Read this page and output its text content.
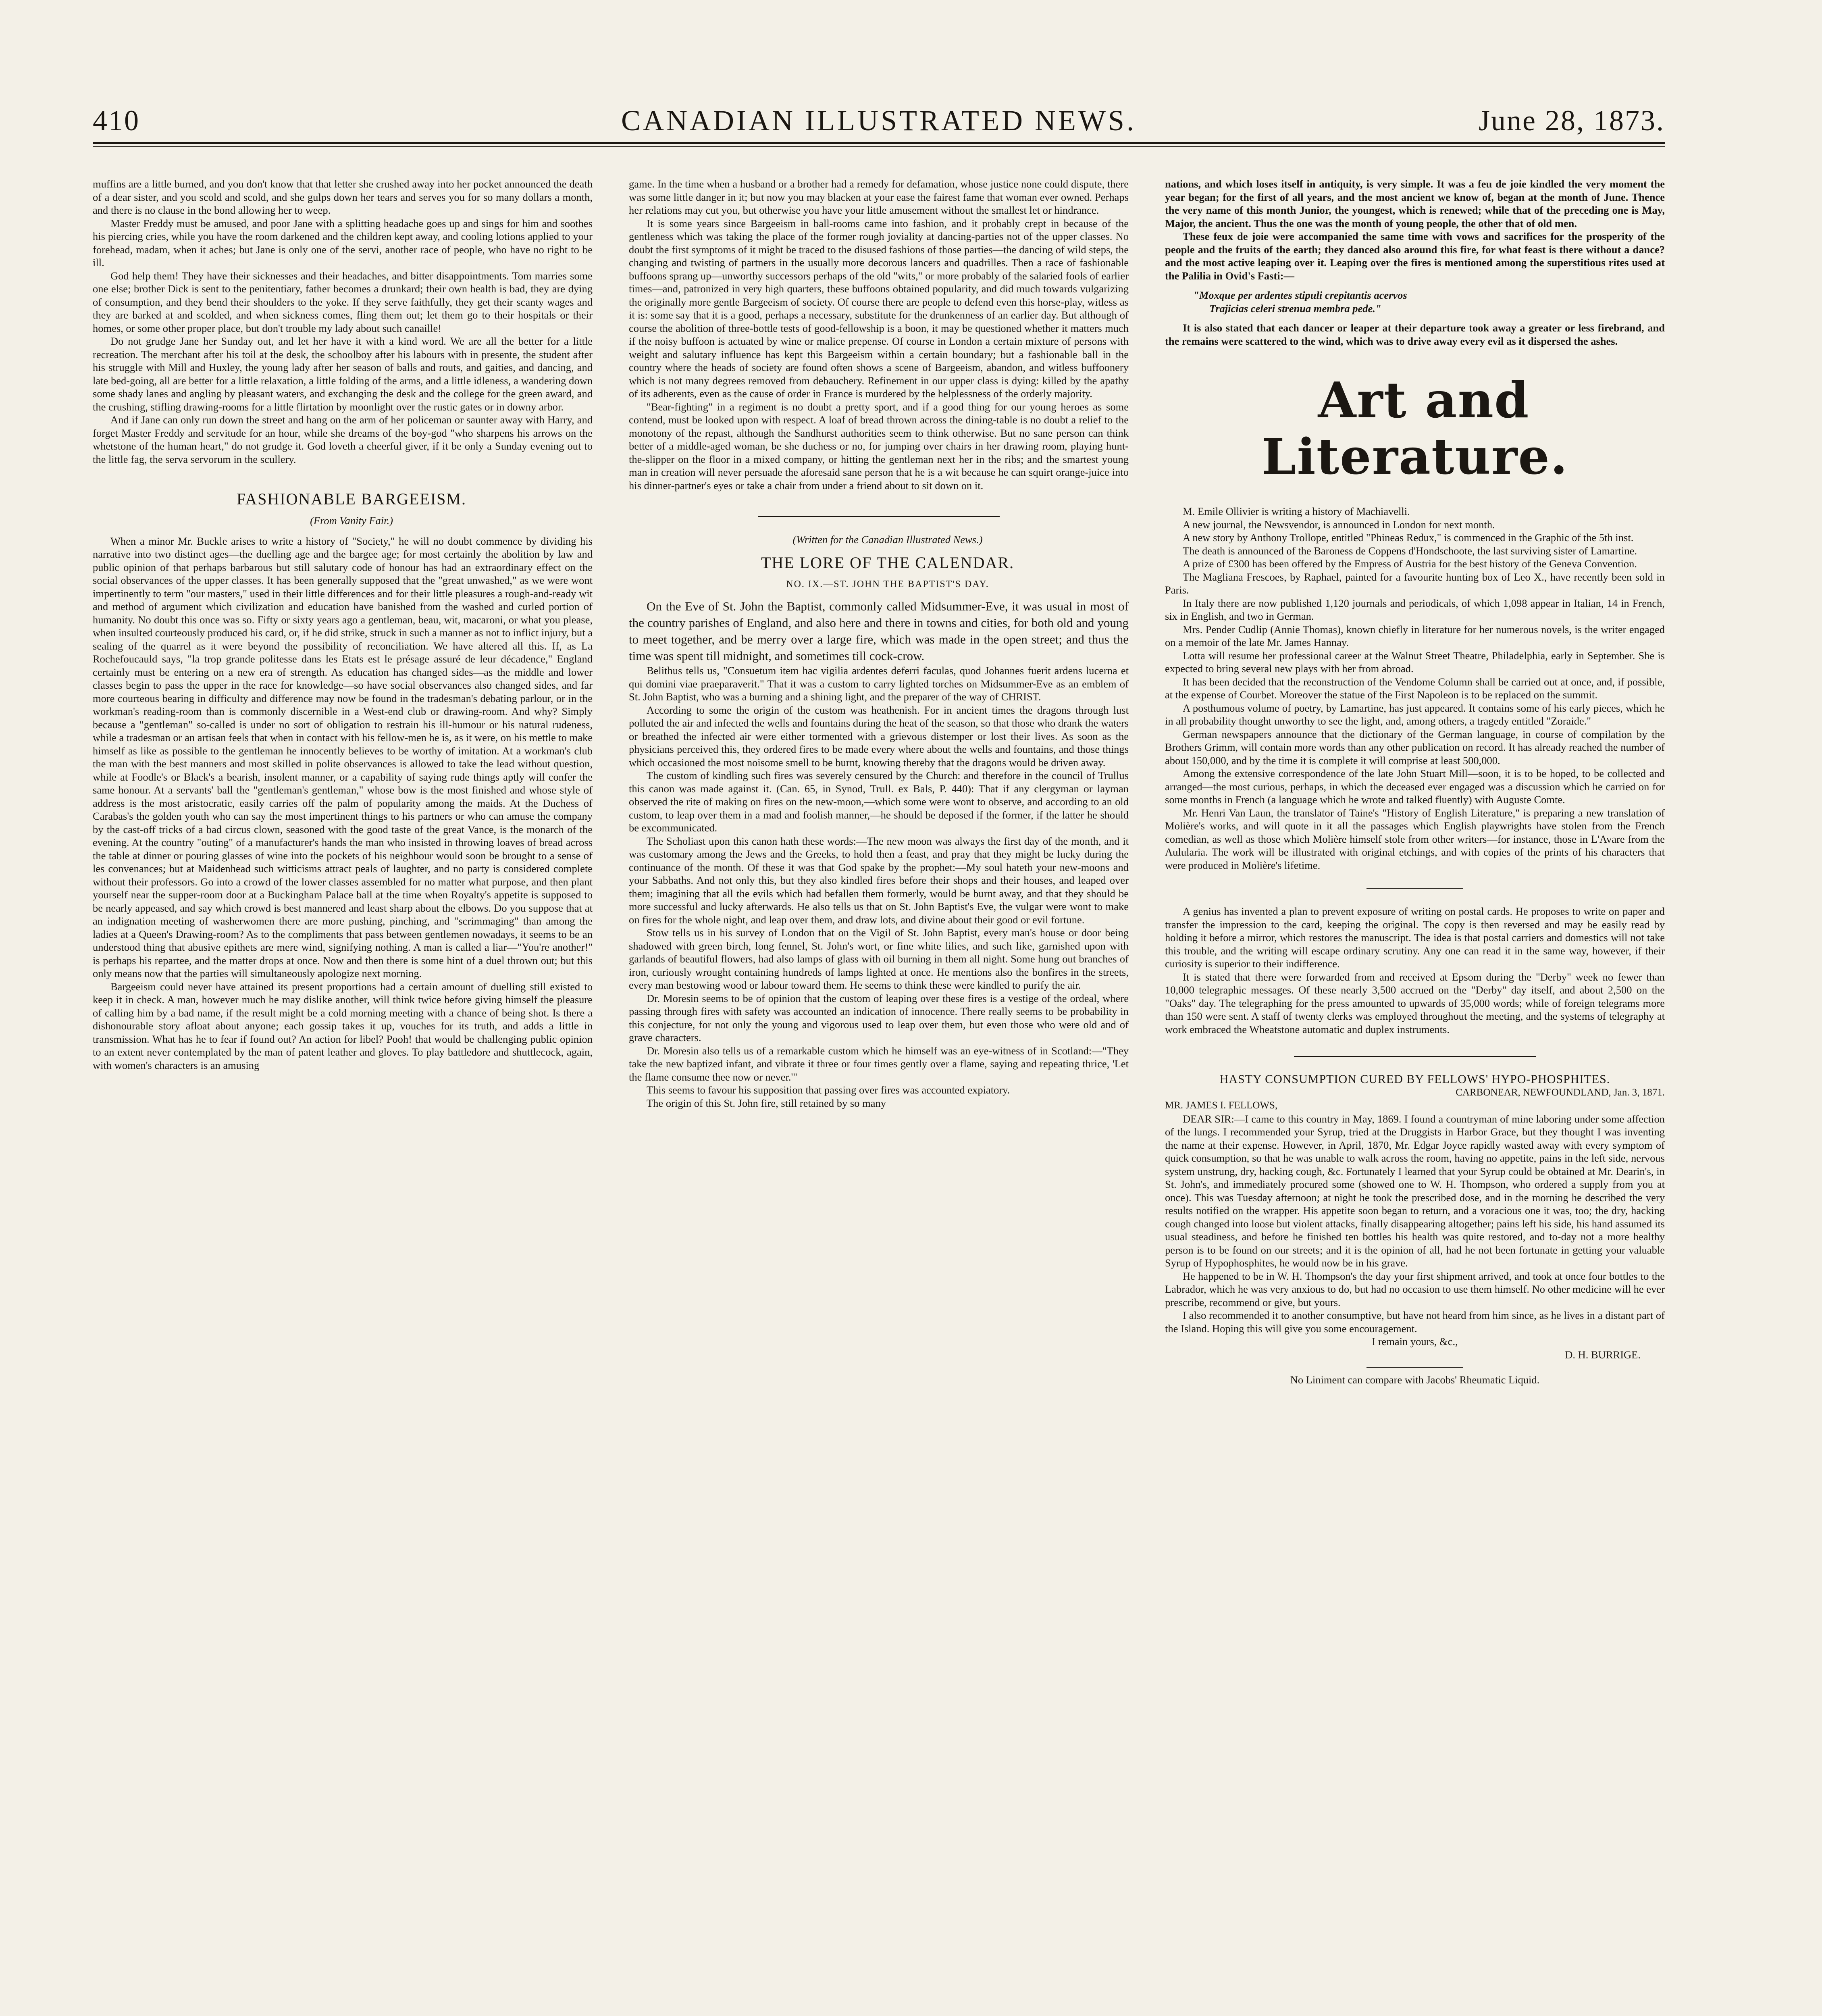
410	CANADIAN ILLUSTRATED NEWS.	June 28, 1873.

muffins are a little burned, and you don't know that that letter she crushed away into her pocket announced the death of a dear sister, and you scold and scold, and she gulps down her tears and serves you for so many dollars a month, and there is no clause in the bond allowing her to weep.

Master Freddy must be amused, and poor Jane with a splitting headache goes up and sings for him and soothes his piercing cries, while you have the room darkened and the children kept away, and cooling lotions applied to your forehead, madam, when it aches; but Jane is only one of the servi, another race of people, who have no right to be ill.

God help them! They have their sicknesses and their headaches, and bitter disappointments. Tom marries some one else; brother Dick is sent to the penitentiary, father becomes a drunkard; their own health is bad, they are dying of consumption, and they bend their shoulders to the yoke. If they serve faithfully, they get their scanty wages and they are barked at and scolded, and when sickness comes, fling them out; let them go to their hospitals or their homes, or some other proper place, but don't trouble my lady about such canaille!

Do not grudge Jane her Sunday out, and let her have it with a kind word. We are all the better for a little recreation. The merchant after his toil at the desk, the schoolboy after his labours with in presente, the student after his struggle with Mill and Huxley, the young lady after her season of balls and routs, and gaities, and dancing, and late bed-going, all are better for a little relaxation, a little folding of the arms, and a little idleness, a wandering down some shady lanes and angling by pleasant waters, and exchanging the desk and the college for the green award, and the crushing, stifling drawing-rooms for a little flirtation by moonlight over the rustic gates or in downy arbor.

And if Jane can only run down the street and hang on the arm of her policeman or saunter away with Harry, and forget Master Freddy and servitude for an hour, while she dreams of the boy-god "who sharpens his arrows on the whetstone of the human heart," do not grudge it. God loveth a cheerful giver, if it be only a Sunday evening out to the little fag, the serva servorum in the scullery.

FASHIONABLE BARGEEISM.

(From Vanity Fair.)

When a minor Mr. Buckle arises to write a history of "Society," he will no doubt commence by dividing his narrative into two distinct ages—the duelling age and the bargee age; for most certainly the abolition by law and public opinion of that perhaps barbarous but still salutary code of honour has had an extraordinary effect on the social observances of the upper classes. It has been generally supposed that the "great unwashed," as we were wont impertinently to term "our masters," used in their little differences and for their little pleasures a rough-and-ready wit and method of argument which civilization and education have banished from the washed and curled portion of humanity. No doubt this once was so. Fifty or sixty years ago a gentleman, beau, wit, macaroni, or what you please, when insulted courteously produced his card, or, if he did strike, struck in such a manner as not to inflict injury, but a sealing of the quarrel as it were beyond the possibility of reconciliation. We have altered all this. If, as La Rochefoucauld says, "la trop grande politesse dans les Etats est le présage assuré de leur décadence," England certainly must be entering on a new era of strength. As education has changed sides—as the middle and lower classes begin to pass the upper in the race for knowledge—so have social observances also changed sides, and far more courteous bearing in difficulty and difference may now be found in the tradesman's debating parlour, or in the workman's reading-room than is commonly discernible in a West-end club or drawing-room. And why? Simply because a "gentleman" so-called is under no sort of obligation to restrain his ill-humour or his natural rudeness, while a tradesman or an artisan feels that when in contact with his fellow-men he is, as it were, on his mettle to make himself as like as possible to the gentleman he innocently believes to be worthy of imitation. At a workman's club the man with the best manners and most skilled in polite observances is allowed to take the lead without question, while at Foodle's or Black's a bearish, insolent manner, or a capability of saying rude things aptly will confer the same honour. At a servants' ball the "gentleman's gentleman," whose bow is the most finished and whose style of address is the most aristocratic, easily carries off the palm of popularity among the maids. At the Duchess of Carabas's the golden youth who can say the most impertinent things to his partners or who can amuse the company by the cast-off tricks of a bad circus clown, seasoned with the good taste of the great Vance, is the monarch of the evening. At the country "outing" of a manufacturer's hands the man who insisted in throwing loaves of bread across the table at dinner or pouring glasses of wine into the pockets of his neighbour would soon be brought to a sense of les convenances; but at Maidenhead such witticisms attract peals of laughter, and no party is considered complete without their professors. Go into a crowd of the lower classes assembled for no matter what purpose, and then plant yourself near the supper-room door at a Buckingham Palace ball at the time when Royalty's appetite is supposed to be nearly appeased, and say which crowd is best mannered and least sharp about the elbows. Do you suppose that at an indignation meeting of washerwomen there are more pushing, pinching, and "scrimmaging" than among the ladies at a Queen's Drawing-room? As to the compliments that pass between gentlemen nowadays, it seems to be an understood thing that abusive epithets are mere wind, signifying nothing. A man is called a liar—"You're another!" is perhaps his repartee, and the matter drops at once. Now and then there is some hint of a duel thrown out; but this only means now that the parties will simultaneously apologize next morning.

Bargeeism could never have attained its present proportions had a certain amount of duelling still existed to keep it in check. A man, however much he may dislike another, will think twice before giving himself the pleasure of calling him by a bad name, if the result might be a cold morning meeting with a chance of being shot. Is there a dishonourable story afloat about anyone; each gossip takes it up, vouches for its truth, and adds a little in transmission. What has he to fear if found out? An action for libel? Pooh! that would be challenging public opinion to an extent never contemplated by the man of patent leather and gloves. To play battledore and shuttlecock, again, with women's characters is an amusing

game. In the time when a husband or a brother had a remedy for defamation, whose justice none could dispute, there was some little danger in it; but now you may blacken at your ease the fairest fame that woman ever owned. Perhaps her relations may cut you, but otherwise you have your little amusement without the smallest let or hindrance.

It is some years since Bargeeism in ball-rooms came into fashion, and it probably crept in because of the gentleness which was taking the place of the former rough joviality at dancing-parties not of the upper classes. No doubt the first symptoms of it might be traced to the disused fashions of those parties—the dancing of wild steps, the changing and twisting of partners in the usually more decorous lancers and quadrilles. Then a race of fashionable buffoons sprang up—unworthy successors perhaps of the old "wits," or more probably of the salaried fools of earlier times—and, patronized in very high quarters, these buffoons obtained popularity, and did much towards vulgarizing the originally more gentle Bargeeism of society. Of course there are people to defend even this horse-play, witless as it is: some say that it is a good, perhaps a necessary, substitute for the drunkenness of an earlier day. But although of course the abolition of three-bottle tests of good-fellowship is a boon, it may be questioned whether it matters much if the noisy buffoon is actuated by wine or malice prepense. Of course in London a certain mixture of persons with weight and salutary influence has kept this Bargeeism within a certain boundary; but a fashionable ball in the country where the heads of society are found often shows a scene of Bargeeism, abandon, and witless buffoonery which is not many degrees removed from debauchery. Refinement in our upper class is dying: killed by the apathy of its adherents, even as the cause of order in France is murdered by the helplessness of the orderly majority.

"Bear-fighting" in a regiment is no doubt a pretty sport, and if a good thing for our young heroes as some contend, must be looked upon with respect. A loaf of bread thrown across the dining-table is no doubt a relief to the monotony of the repast, although the Sandhurst authorities seem to think otherwise. But no sane person can think better of a middle-aged woman, be she duchess or no, for jumping over chairs in her drawing room, playing hunt-the-slipper on the floor in a mixed company, or hitting the gentleman next her in the ribs; and the smartest young man in creation will never persuade the aforesaid sane person that he is a wit because he can squirt orange-juice into his dinner-partner's eyes or take a chair from under a friend about to sit down on it.

(Written for the Canadian Illustrated News.)

THE LORE OF THE CALENDAR.

NO. IX.—ST. JOHN THE BAPTIST'S DAY.

On the Eve of St. John the Baptist, commonly called Midsummer-Eve, it was usual in most of the country parishes of England, and also here and there in towns and cities, for both old and young to meet together, and be merry over a large fire, which was made in the open street; and thus the time was spent till midnight, and sometimes till cock-crow.

Belithus tells us, "Consuetum item hac vigilia ardentes deferri faculas, quod Johannes fuerit ardens lucerna et qui domini viae praeparaverit." That it was a custom to carry lighted torches on Midsummer-Eve as an emblem of St. John Baptist, who was a burning and a shining light, and the preparer of the way of CHRIST.

According to some the origin of the custom was heathenish. For in ancient times the dragons through lust polluted the air and infected the wells and fountains during the heat of the season, so that those who drank the waters or breathed the infected air were either tormented with a grievous distemper or lost their lives. As soon as the physicians perceived this, they ordered fires to be made every where about the wells and fountains, and those things which occasioned the most noisome smell to be burnt, knowing thereby that the dragons would be driven away.

The custom of kindling such fires was severely censured by the Church: and therefore in the council of Trullus this canon was made against it. (Can. 65, in Synod, Trull. ex Bals, P. 440): That if any clergyman or layman observed the rite of making on fires on the new-moon,—which some were wont to observe, and according to an old custom, to leap over them in a mad and foolish manner,—he should be deposed if the former, if the latter he should be excommunicated.

The Scholiast upon this canon hath these words:—The new moon was always the first day of the month, and it was customary among the Jews and the Greeks, to hold then a feast, and pray that they might be lucky during the continuance of the month. Of these it was that God spake by the prophet:—My soul hateth your new-moons and your Sabbaths. And not only this, but they also kindled fires before their shops and their houses, and leaped over them; imagining that all the evils which had befallen them formerly, would be burnt away, and that they should be more successful and lucky afterwards. He also tells us that on St. John Baptist's Eve, the vulgar were wont to make on fires for the whole night, and leap over them, and draw lots, and divine about their good or evil fortune.

Stow tells us in his survey of London that on the Vigil of St. John Baptist, every man's house or door being shadowed with green birch, long fennel, St. John's wort, or fine white lilies, and such like, garnished upon with garlands of beautiful flowers, had also lamps of glass with oil burning in them all night. Some hung out branches of iron, curiously wrought containing hundreds of lamps lighted at once. He mentions also the bonfires in the streets, every man bestowing wood or labour toward them. He seems to think these were kindled to purify the air.

Dr. Moresin seems to be of opinion that the custom of leaping over these fires is a vestige of the ordeal, where passing through fires with safety was accounted an indication of innocence. There really seems to be probability in this conjecture, for not only the young and vigorous used to leap over them, but even those who were old and of grave characters.

Dr. Moresin also tells us of a remarkable custom which he himself was an eye-witness of in Scotland:—"They take the new baptized infant, and vibrate it three or four times gently over a flame, saying and repeating thrice, 'Let the flame consume thee now or never.'"

This seems to favour his supposition that passing over fires was accounted expiatory.

The origin of this St. John fire, still retained by so many

nations, and which loses itself in antiquity, is very simple. It was a feu de joie kindled the very moment the year began; for the first of all years, and the most ancient we know of, began at the month of June. Thence the very name of this month Junior, the youngest, which is renewed; while that of the preceding one is May, Major, the ancient. Thus the one was the month of young people, the other that of old men.

These feux de joie were accompanied the same time with vows and sacrifices for the prosperity of the people and the fruits of the earth; they danced also around this fire, for what feast is there without a dance? and the most active leaping over it. Leaping over the fires is mentioned among the superstitious rites used at the Palilia in Ovid's Fasti:—

"Moxque per ardentes stipuli crepitantis acervos

Trajicias celeri strenua membra pede."

It is also stated that each dancer or leaper at their departure took away a greater or less firebrand, and the remains were scattered to the wind, which was to drive away every evil as it dispersed the ashes.

Art and Literature.

M. Emile Ollivier is writing a history of Machiavelli.

A new journal, the Newsvendor, is announced in London for next month.

A new story by Anthony Trollope, entitled "Phineas Redux," is commenced in the Graphic of the 5th inst.

The death is announced of the Baroness de Coppens d'Hondschoote, the last surviving sister of Lamartine.

A prize of £300 has been offered by the Empress of Austria for the best history of the Geneva Convention.

The Magliana Frescoes, by Raphael, painted for a favourite hunting box of Leo X., have recently been sold in Paris.

In Italy there are now published 1,120 journals and periodicals, of which 1,098 appear in Italian, 14 in French, six in English, and two in German.

Mrs. Pender Cudlip (Annie Thomas), known chiefly in literature for her numerous novels, is the writer engaged on a memoir of the late Mr. James Hannay.

Lotta will resume her professional career at the Walnut Street Theatre, Philadelphia, early in September. She is expected to bring several new plays with her from abroad.

It has been decided that the reconstruction of the Vendome Column shall be carried out at once, and, if possible, at the expense of Courbet. Moreover the statue of the First Napoleon is to be replaced on the summit.

A posthumous volume of poetry, by Lamartine, has just appeared. It contains some of his early pieces, which he in all probability thought unworthy to see the light, and, among others, a tragedy entitled "Zoraide."

German newspapers announce that the dictionary of the German language, in course of compilation by the Brothers Grimm, will contain more words than any other publication on record. It has already reached the number of about 150,000, and by the time it is complete it will comprise at least 500,000.

Among the extensive correspondence of the late John Stuart Mill—soon, it is to be hoped, to be collected and arranged—the most curious, perhaps, in which the deceased ever engaged was a discussion which he carried on for some months in French (a language which he wrote and talked fluently) with Auguste Comte.

Mr. Henri Van Laun, the translator of Taine's "History of English Literature," is preparing a new translation of Molière's works, and will quote in it all the passages which English playwrights have stolen from the French comedian, as well as those which Molière himself stole from other writers—for instance, those in L'Avare from the Aulularia. The work will be illustrated with original etchings, and with copies of the prints of his characters that were produced in Molière's lifetime.

A genius has invented a plan to prevent exposure of writing on postal cards. He proposes to write on paper and transfer the impression to the card, keeping the original. The copy is then reversed and may be easily read by holding it before a mirror, which restores the manuscript. The idea is that postal carriers and domestics will not take this trouble, and the writing will escape ordinary scrutiny. Any one can read it in the same way, however, if their curiosity is superior to their indifference.

It is stated that there were forwarded from and received at Epsom during the "Derby" week no fewer than 10,000 telegraphic messages. Of these nearly 3,500 accrued on the "Derby" day itself, and about 2,500 on the "Oaks" day. The telegraphing for the press amounted to upwards of 35,000 words; while of foreign telegrams more than 150 were sent. A staff of twenty clerks was employed throughout the meeting, and the systems of telegraphy at work embraced the Wheatstone automatic and duplex instruments.

HASTY CONSUMPTION CURED BY FELLOWS' HYPO-PHOSPHITES.

CARBONEAR, NEWFOUNDLAND, Jan. 3, 1871.

MR. JAMES I. FELLOWS,

DEAR SIR:—I came to this country in May, 1869. I found a countryman of mine laboring under some affection of the lungs. I recommended your Syrup, tried at the Druggists in Harbor Grace, but they thought I was inventing the name at their expense. However, in April, 1870, Mr. Edgar Joyce rapidly wasted away with every symptom of quick consumption, so that he was unable to walk across the room, having no appetite, pains in the left side, nervous system unstrung, dry, hacking cough, &c. Fortunately I learned that your Syrup could be obtained at Mr. Dearin's, in St. John's, and immediately procured some (showed one to W. H. Thompson, who ordered a supply from you at once). This was Tuesday afternoon; at night he took the prescribed dose, and in the morning he described the very results notified on the wrapper. His appetite soon began to return, and a voracious one it was, too; the dry, hacking cough changed into loose but violent attacks, finally disappearing altogether; pains left his side, his hand assumed its usual steadiness, and before he finished ten bottles his health was quite restored, and to-day not a more healthy person is to be found on our streets; and it is the opinion of all, had he not been fortunate in getting your valuable Syrup of Hypophosphites, he would now be in his grave.

He happened to be in W. H. Thompson's the day your first shipment arrived, and took at once four bottles to the Labrador, which he was very anxious to do, but had no occasion to use them himself. No other medicine will he ever prescribe, recommend or give, but yours.

I also recommended it to another consumptive, but have not heard from him since, as he lives in a distant part of the Island. Hoping this will give you some encouragement.

I remain yours, &c.,

D. H. BURRIGE.

No Liniment can compare with Jacobs' Rheumatic Liquid.
